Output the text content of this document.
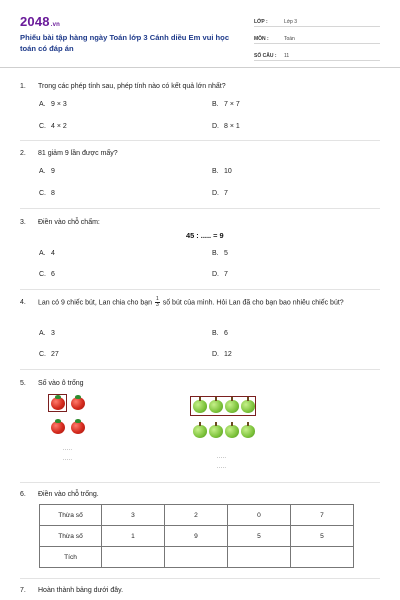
2048.vn
Phiếu bài tập hàng ngày Toán lớp 3 Cánh diều Em vui học toán có đáp án
LỚP :	Lớp 3
MÔN :	Toán
SỐ CÂU :	11
1. Trong các phép tính sau, phép tính nào có kết quả lớn nhất?
A. 9 × 3	B. 7 × 7
C. 4 × 2	D. 8 × 1
2. 81 giảm 9 lần được mấy?
A. 9	B. 10
C. 8	D. 7
3. Điền vào chỗ chấm:
45 : ..... = 9
A. 4	B. 5
C. 6	D. 7
4. Lan có 9 chiếc bút, Lan chia cho bạn $\frac{1}{3}$ số bút của mình. Hỏi Lan đã cho bạn bao nhiêu chiếc bút?
A. 3	B. 6
C. 27	D. 12
5. Số vào ô trống
.....
.....	.....
.....
6. Điền vào chỗ trống.
Thừa số	3	2	0	7
Thừa số	1	9	5	5
Tích				
7. Hoàn thành bảng dưới đây.
